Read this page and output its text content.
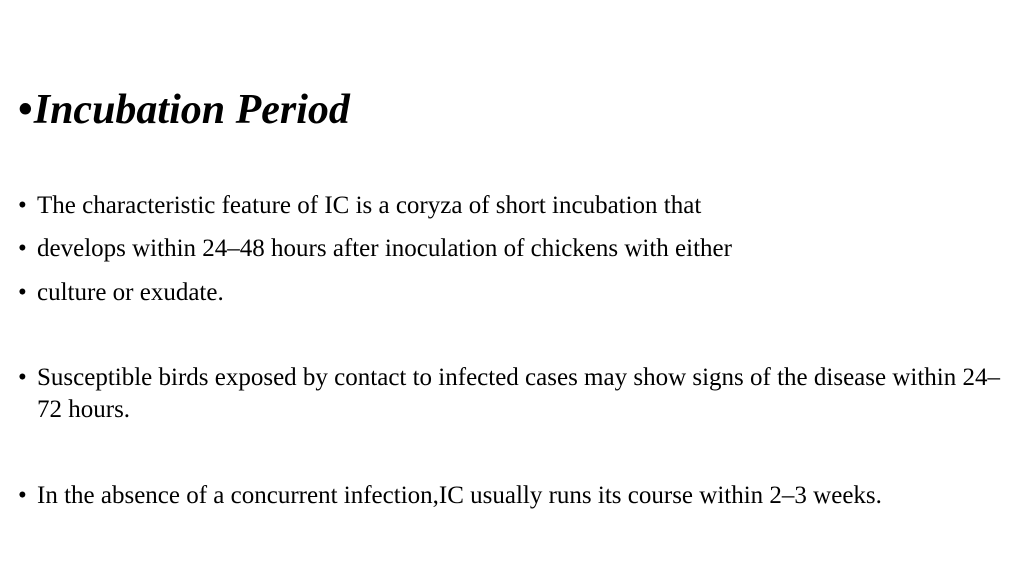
•Incubation Period
• The characteristic feature of IC is a coryza of short incubation that
• develops within 24–48 hours after inoculation of chickens with either
• culture or exudate.
• Susceptible birds exposed by contact to infected cases may show signs of the disease within 24–72 hours.
• In the absence of a concurrent infection,IC usually runs its course within 2–3 weeks.
